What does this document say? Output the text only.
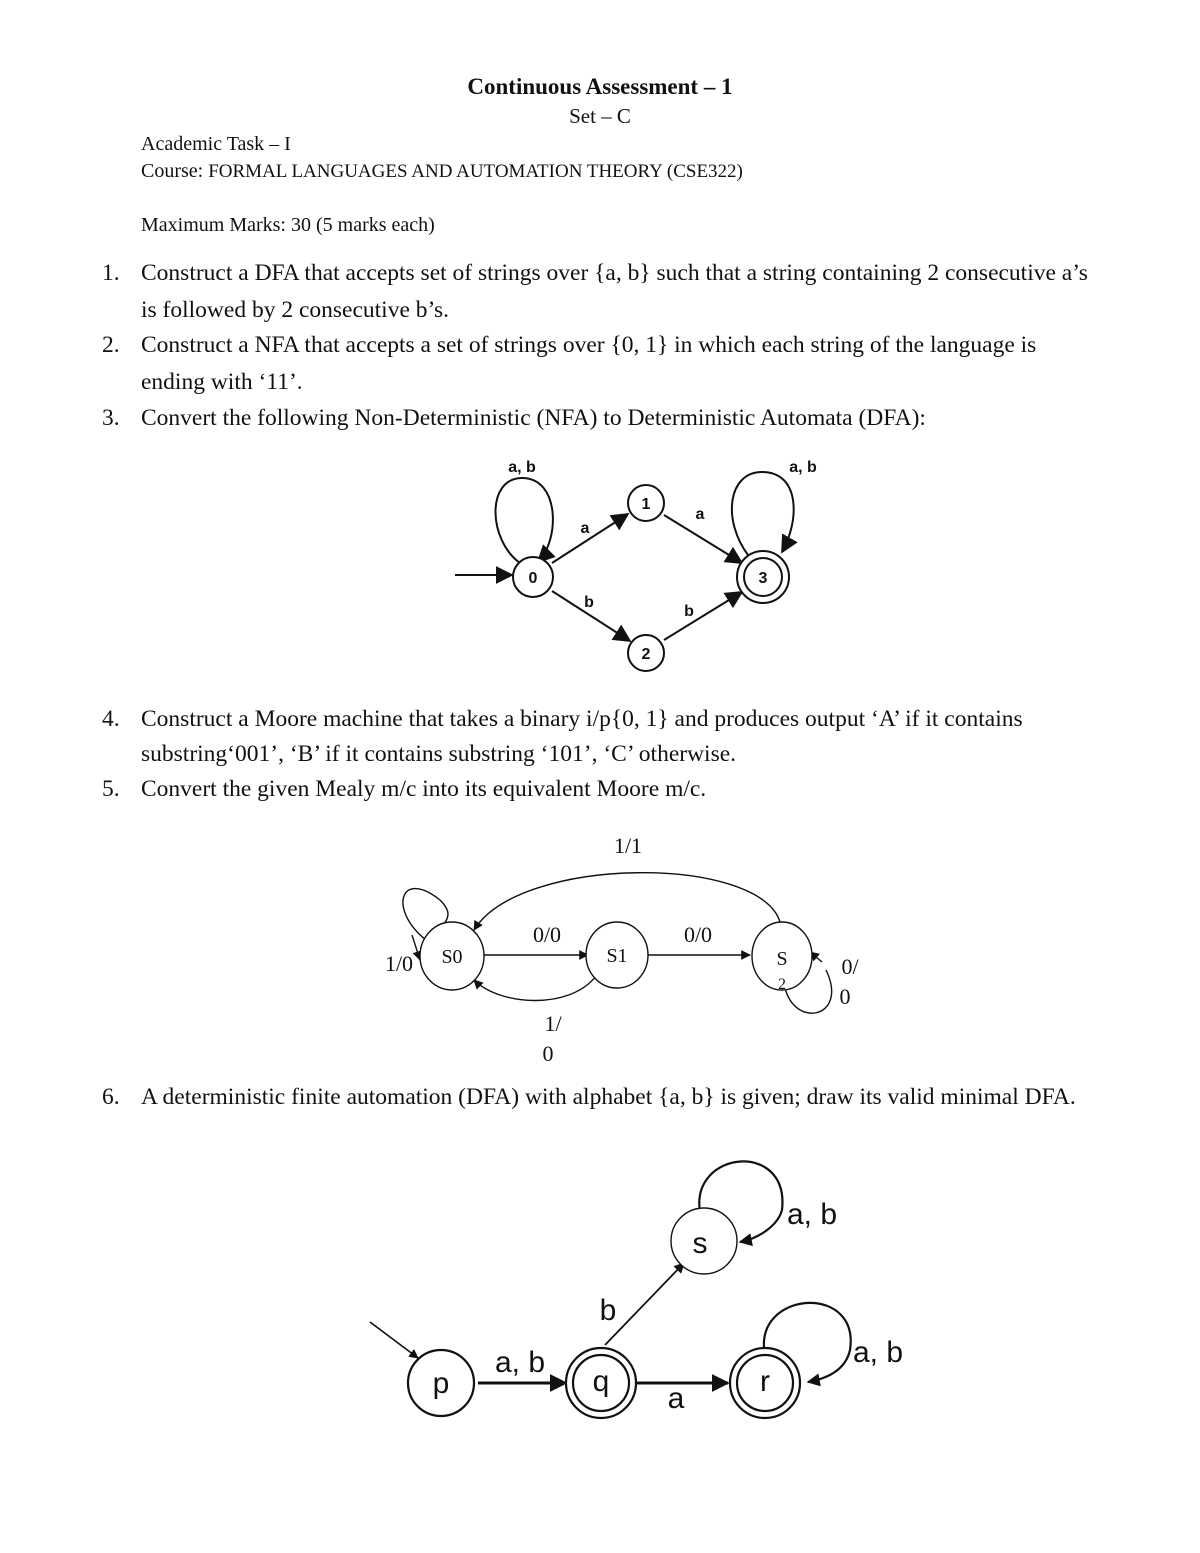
Continuous Assessment – 1
Set – C
Academic Task – I
Course: FORMAL LANGUAGES AND AUTOMATION THEORY (CSE322)
Maximum Marks: 30 (5 marks each)
1. Construct a DFA that accepts set of strings over {a, b} such that a string containing 2 consecutive a’s is followed by 2 consecutive b’s.
2. Construct a NFA that accepts a set of strings over {0, 1} in which each string of the language is ending with ‘11’.
3. Convert the following Non-Deterministic (NFA) to Deterministic Automata (DFA):
0
1
2
3
a, b
a
a
b
b
a, b
4. Construct a Moore machine that takes a binary i/p{0, 1} and produces output ‘A’ if it contains substring‘001’, ‘B’ if it contains substring ‘101’, ‘C’ otherwise.
5. Convert the given Mealy m/c into its equivalent Moore m/c.
S0	S1	S
2
1/1
0/0	0/0
1/0
1/
0
0/
0
6. A deterministic finite automation (DFA) with alphabet {a, b} is given; draw its valid minimal DFA.
p	q	r
s
a, b
a
b
a, b
a, b
